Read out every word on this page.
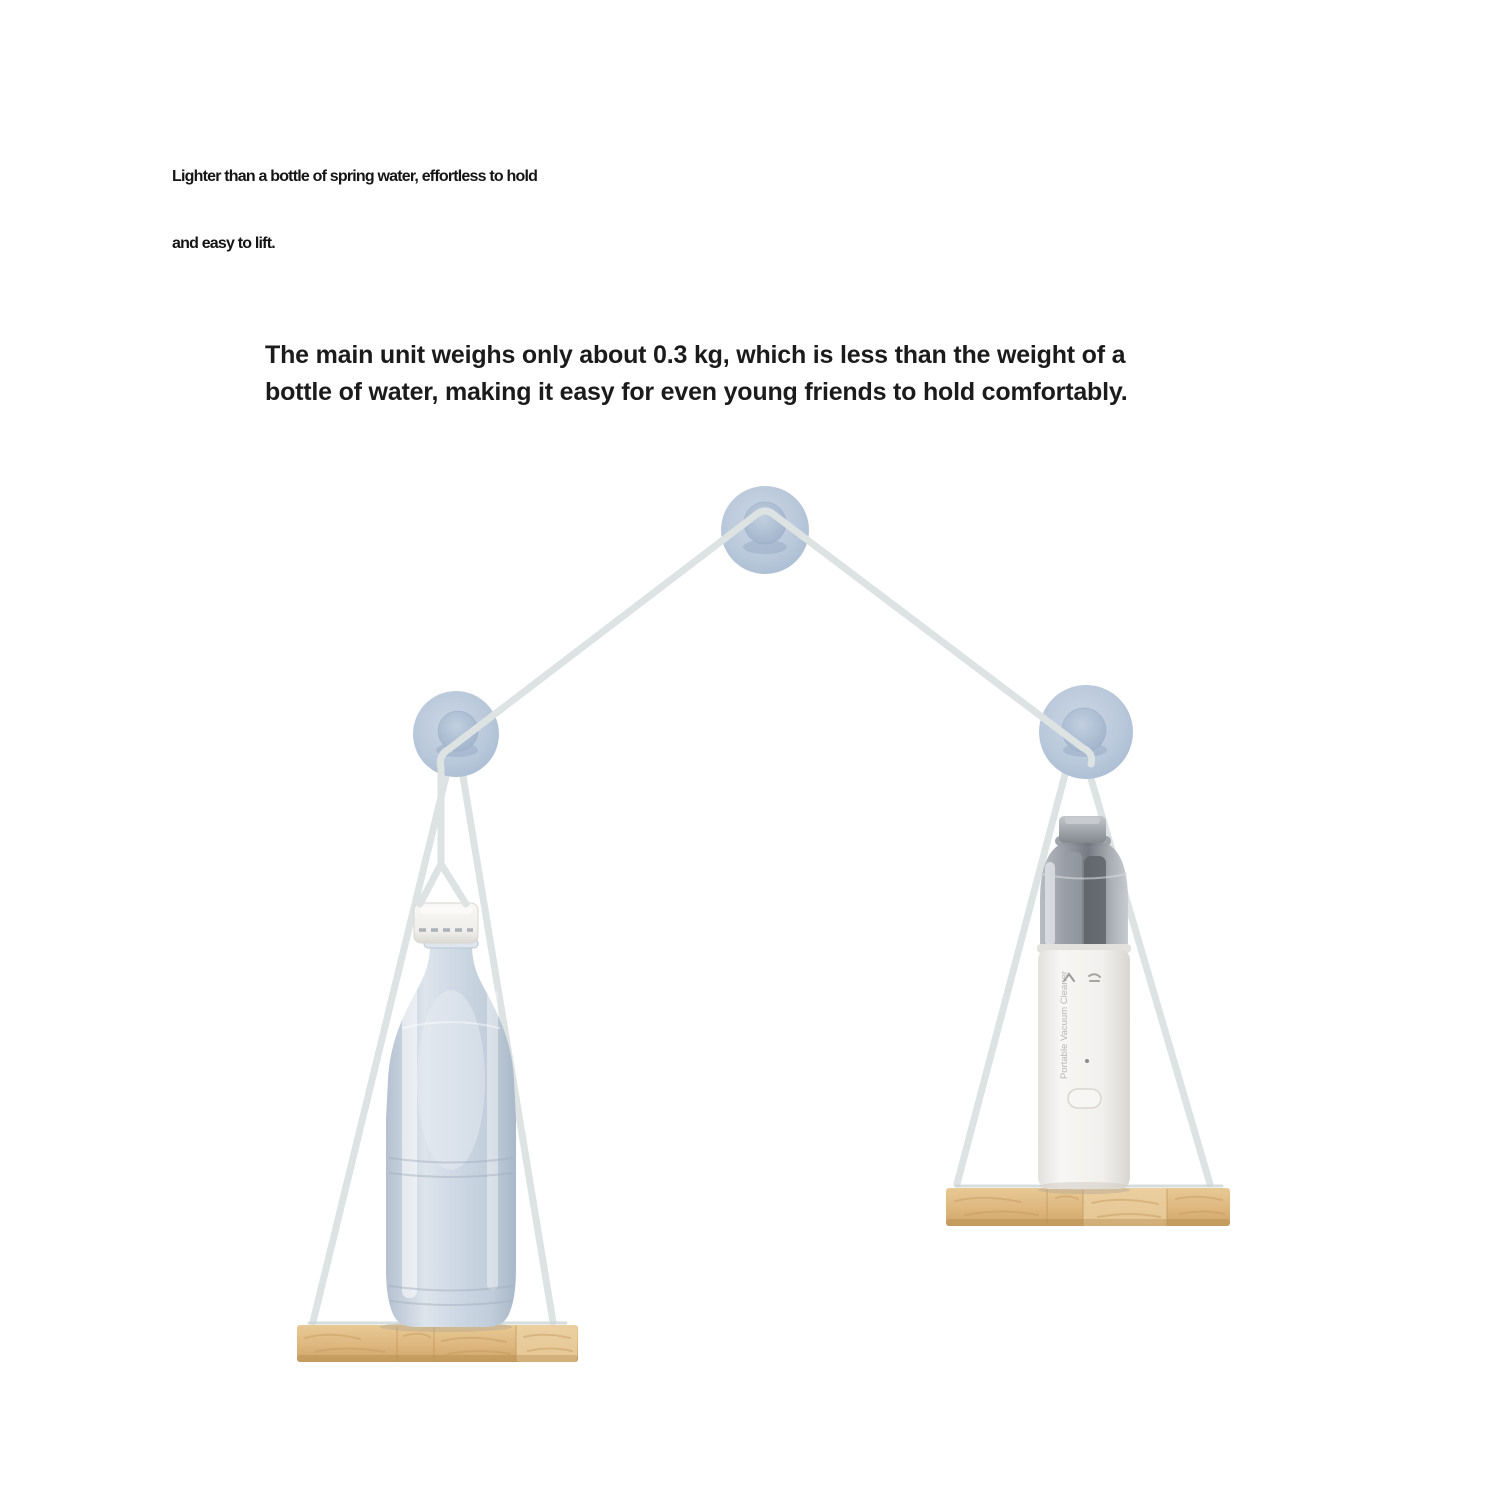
Lighter than a bottle of spring water, effortless to hold
and easy to lift.
The main unit weighs only about 0.3 kg, which is less than the weight of a
bottle of water, making it easy for even young friends to hold comfortably.
Portable Vacuum Cleaner
